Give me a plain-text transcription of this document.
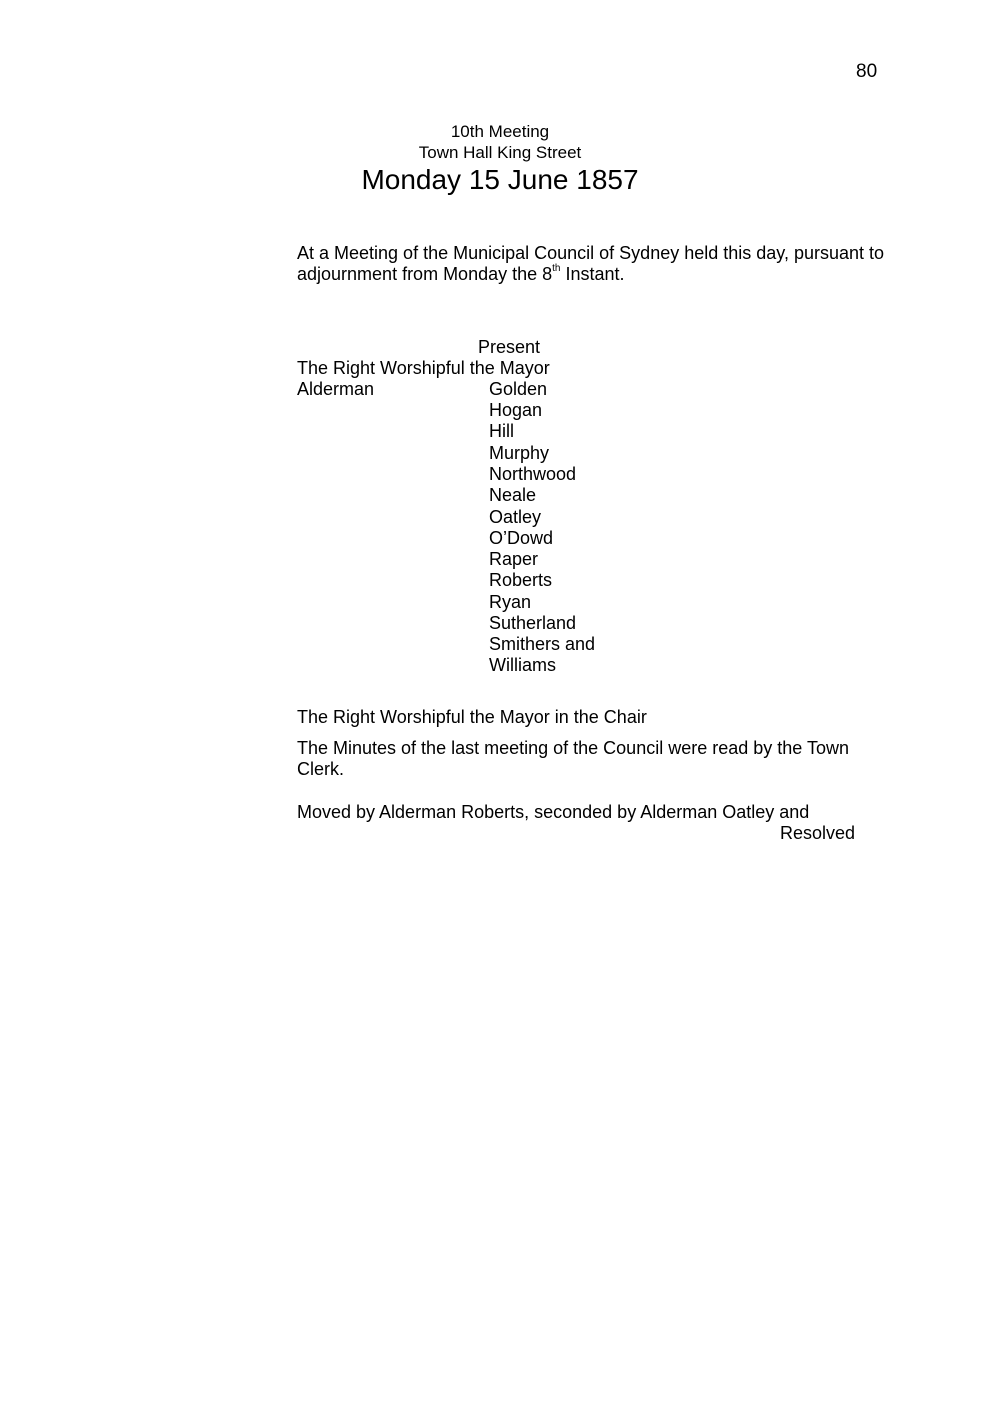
80
10th Meeting
Town Hall King Street
Monday 15 June 1857
At a Meeting of the Municipal Council of Sydney held this day, pursuant to adjournment from Monday the 8th Instant.
Present
The Right Worshipful the Mayor
Alderman	Golden
Hogan
Hill
Murphy
Northwood
Neale
Oatley
O’Dowd
Raper
Roberts
Ryan
Sutherland
Smithers and
Williams
The Right Worshipful the Mayor in the Chair
The Minutes of the last meeting of the Council were read by the Town Clerk.
Moved by Alderman Roberts, seconded by Alderman Oatley and
Resolved
